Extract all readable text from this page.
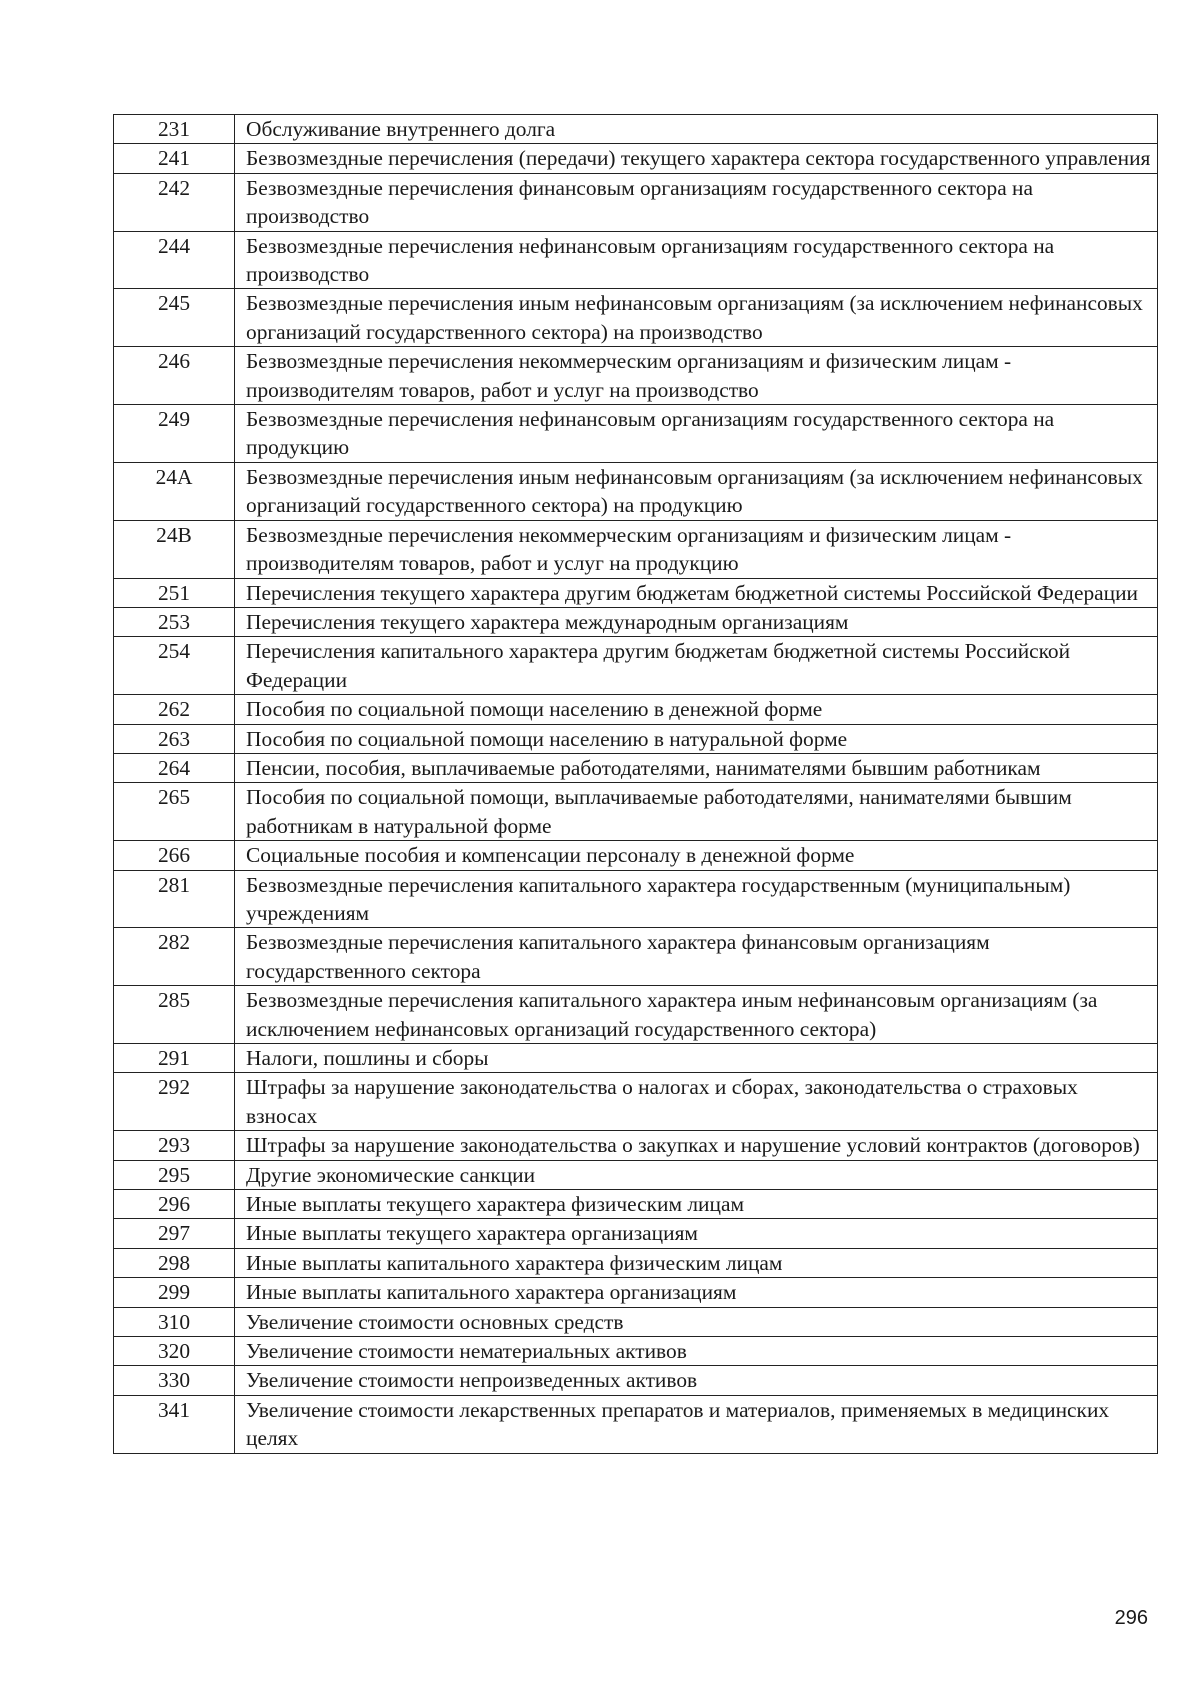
231	Обслуживание внутреннего долга
241	Безвозмездные перечисления (передачи) текущего характера сектора государственного управления
242	Безвозмездные перечисления финансовым организациям государственного сектора на производство
244	Безвозмездные перечисления нефинансовым организациям государственного сектора на производство
245	Безвозмездные перечисления иным нефинансовым организациям (за исключением нефинансовых организаций государственного сектора) на производство
246	Безвозмездные перечисления некоммерческим организациям и физическим лицам - производителям товаров, работ и услуг на производство
249	Безвозмездные перечисления нефинансовым организациям государственного сектора на продукцию
24А	Безвозмездные перечисления иным нефинансовым организациям (за исключением нефинансовых организаций государственного сектора) на продукцию
24В	Безвозмездные перечисления некоммерческим организациям и физическим лицам - производителям товаров, работ и услуг на продукцию
251	Перечисления текущего характера другим бюджетам бюджетной системы Российской Федерации
253	Перечисления текущего характера международным организациям
254	Перечисления капитального характера другим бюджетам бюджетной системы Российской Федерации
262	Пособия по социальной помощи населению в денежной форме
263	Пособия по социальной помощи населению в натуральной форме
264	Пенсии, пособия, выплачиваемые работодателями, нанимателями бывшим работникам
265	Пособия по социальной помощи, выплачиваемые работодателями, нанимателями бывшим работникам в натуральной форме
266	Социальные пособия и компенсации персоналу в денежной форме
281	Безвозмездные перечисления капитального характера государственным (муниципальным) учреждениям
282	Безвозмездные перечисления капитального характера финансовым организациям государственного сектора
285	Безвозмездные перечисления капитального характера иным нефинансовым организациям (за исключением нефинансовых организаций государственного сектора)
291	Налоги, пошлины и сборы
292	Штрафы за нарушение законодательства о налогах и сборах, законодательства о страховых взносах
293	Штрафы за нарушение законодательства о закупках и нарушение условий контрактов (договоров)
295	Другие экономические санкции
296	Иные выплаты текущего характера физическим лицам
297	Иные выплаты текущего характера организациям
298	Иные выплаты капитального характера физическим лицам
299	Иные выплаты капитального характера организациям
310	Увеличение стоимости основных средств
320	Увеличение стоимости нематериальных активов
330	Увеличение стоимости непроизведенных активов
341	Увеличение стоимости лекарственных препаратов и материалов, применяемых в медицинских целях
296
